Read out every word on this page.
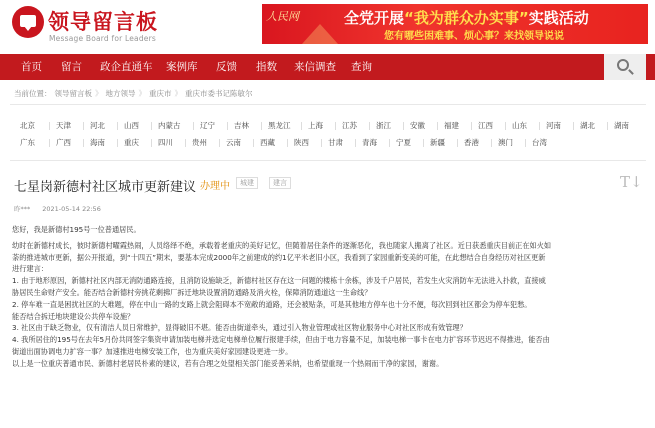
领导留言板
Message Board for Leaders
人民网	全党开展“我为群众办实事”实践活动
您有哪些困难事、烦心事？来找领导说说
首页 留言 政企直通车 案例库 反馈 指数 来信调查 查询
当前位置： 领导留言板 》 地方领导 》 重庆市 》 重庆市委书记陈敏尔
北京	天津	河北	山西	内蒙古	辽宁	吉林	黑龙江 上海	江苏	浙江	安徽	福建	江西	山东	河南	湖北	湖南
广东	广西	海南	重庆	四川	贵州	云南	西藏	陕西	甘肃	青海	宁夏	新疆	香港	澳门	台湾
七星岗新德村社区城市更新建议 办理中	城建	建言	T↓
昨*** 2021-05-14 22:56
您好，我是新德村195号一位普通居民。
幼时在新德村成长，彼时新德村曜霞热闹，人员络绎不绝，承载着老重庆的美好记忆，但随着居住条件的逐渐恶化，我也随家人搬离了社区。近日获悉重庆目前正在如火如
荼的推进城市更新，据公开报道，到“十四五”期末，要基本完成2000年之前建成的约1亿平米老旧小区，我看到了家园重新变美的可能，在此想结合自身经历对社区更新
进行建言：
1. 由于地形原因，新德村社区内部无消防通路连接，且消防设施缺乏，新德村社区存在这一问题的楼栋十余栋，涉及千户居民，若发生火灾消防车无法进入扑救，直接威
胁居民生命财产安全。能否结合新德村旁挑花剩拂厂拆迁地块设置消防通路及消火栓，保障消防通道这一生命线？
2. 停车难一直是困扰社区的大难题，停在中山一路的支路上就会阻碍本不宽敞的道路，还会被贴条，可是其他地方停车也十分不便，每次回到社区都会为停车犯愁。
能否结合拆迁地块建设公共停车设施？
3. 社区由于缺乏物业，仅有清洁人员日常维护，显得破旧不堪。能否由街道牵头，通过引入物业管理或社区物业服务中心对社区形成有效管理？
4. 我所居住的195号在去年5月份共同签字集资申请加装电梯并选定电梯单位履行报建手续，但由于电力容量不足，加装电梯一事卡在电力扩容环节迟迟不得推进，能否由
街道出面协调电力扩容一事？加速推进电梯安装工作，也为重庆美好家园建设更进一步。
以上是一位重庆普通市民、新德村老居民朴素的建议，若有合理之处望相关部门能妥善采纳，也希望重现一个热闹而干净的家园，谢谢。
